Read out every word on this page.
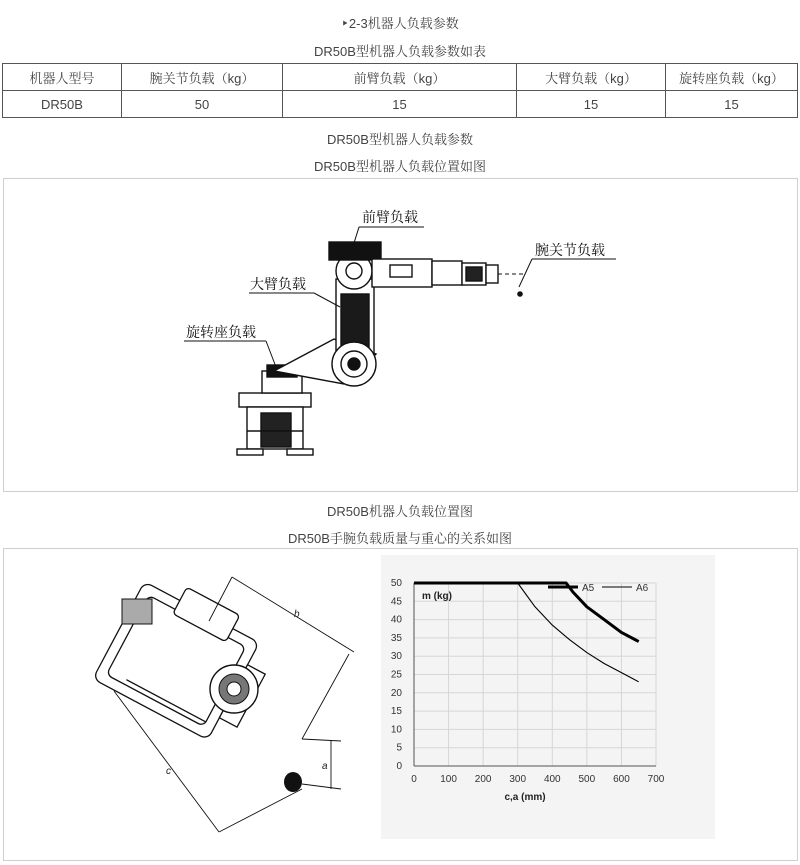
‣2-3机器人负载参数
DR50B型机器人负载参数如表
机器人型号	腕关节负载（kg）	前臂负载（kg）	大臂负载（kg）	旋转座负载（kg）
DR50B	50	15	15	15
DR50B型机器人负载参数
DR50B型机器人负载位置如图
前臂负载
腕关节负载
大臂负载
旋转座负载
DR50B机器人负载位置图
DR50B手腕负载质量与重心的关系如图
b
c	a
0 100 200 300 400 500 600 700
0
5
10
15
20
25
30
35
40
45
50
m (kg)
c,a (mm)
A5	A6
